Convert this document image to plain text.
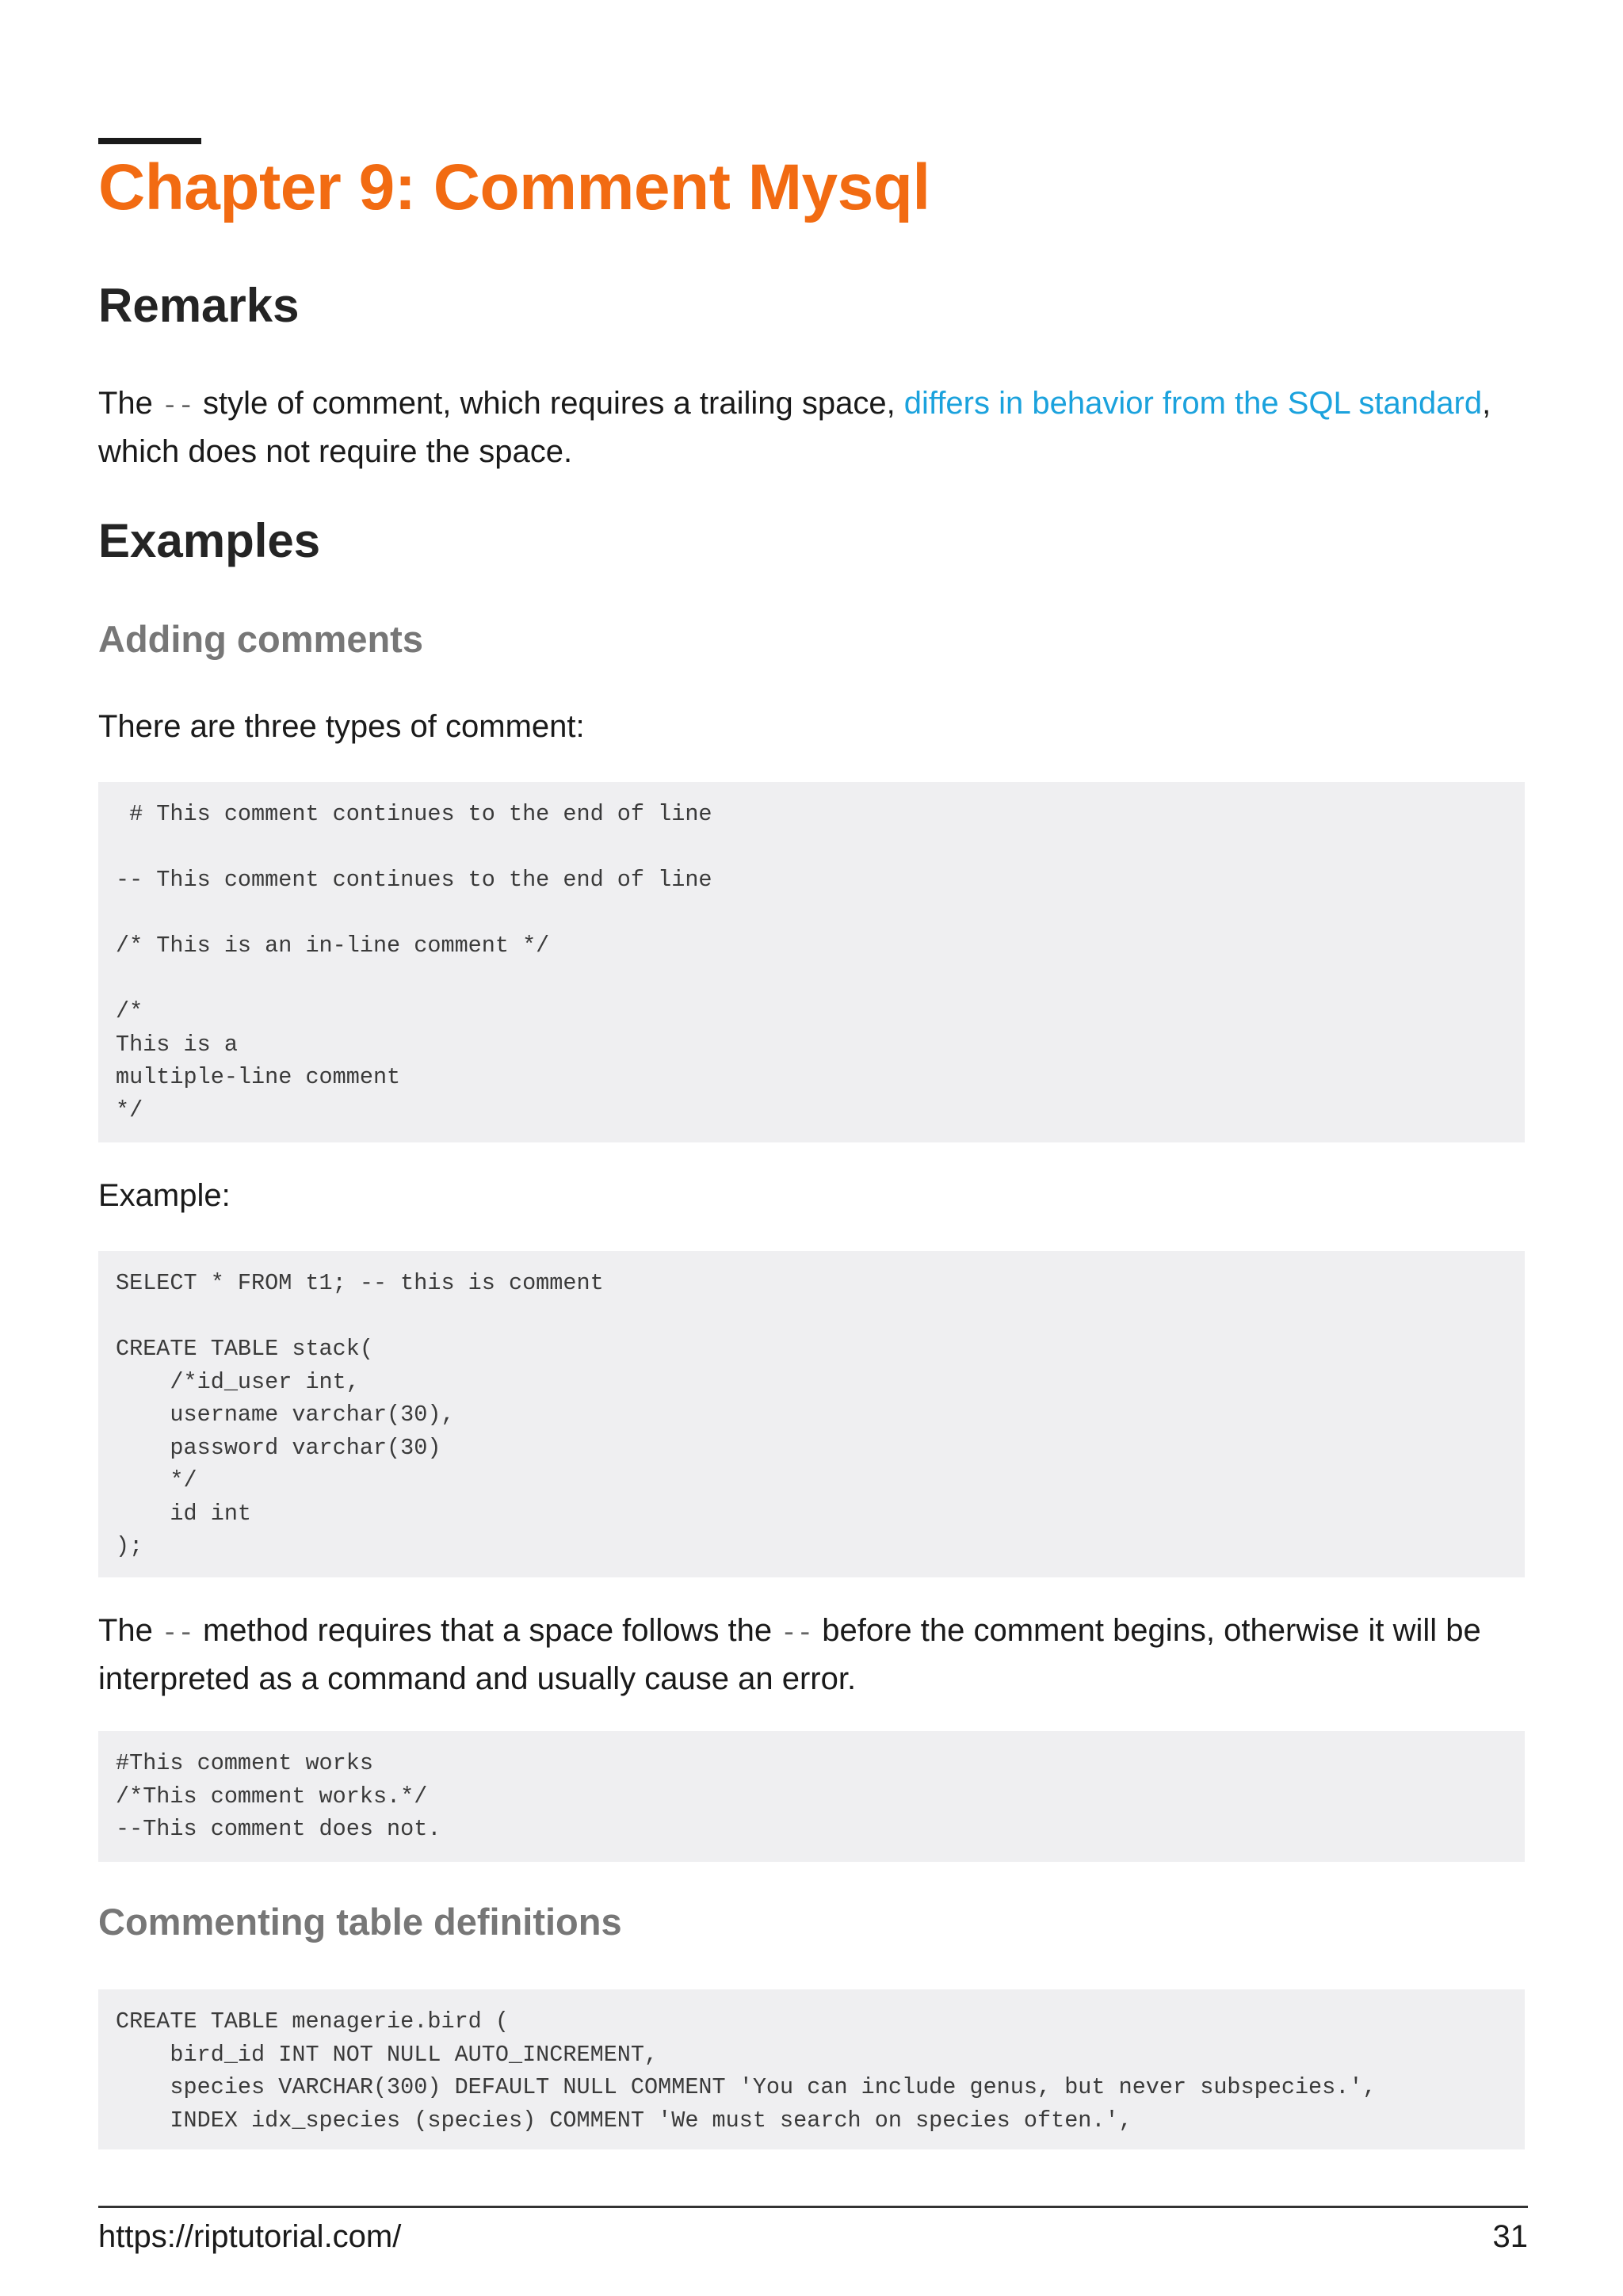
Chapter 9: Comment Mysql
Remarks

The -- style of comment, which requires a trailing space, differs in behavior from the SQL standard, which does not require the space.

Examples
Adding comments

There are three types of comment:

# This comment continues to the end of line

-- This comment continues to the end of line

/* This is an in-line comment */

/*
This is a
multiple-line comment
*/

Example:

SELECT * FROM t1; -- this is comment

CREATE TABLE stack(
/*id_user int,
username varchar(30),
password varchar(30)
*/
id int
);

The -- method requires that a space follows the -- before the comment begins, otherwise it will be interpreted as a command and usually cause an error.

#This comment works
/*This comment works.*/
--This comment does not.
Commenting table definitions
CREATE TABLE menagerie.bird (
bird_id INT NOT NULL AUTO_INCREMENT,
species VARCHAR(300) DEFAULT NULL COMMENT 'You can include genus, but never subspecies.',
INDEX idx_species (species) COMMENT 'We must search on species often.',
https://riptutorial.com/	31
